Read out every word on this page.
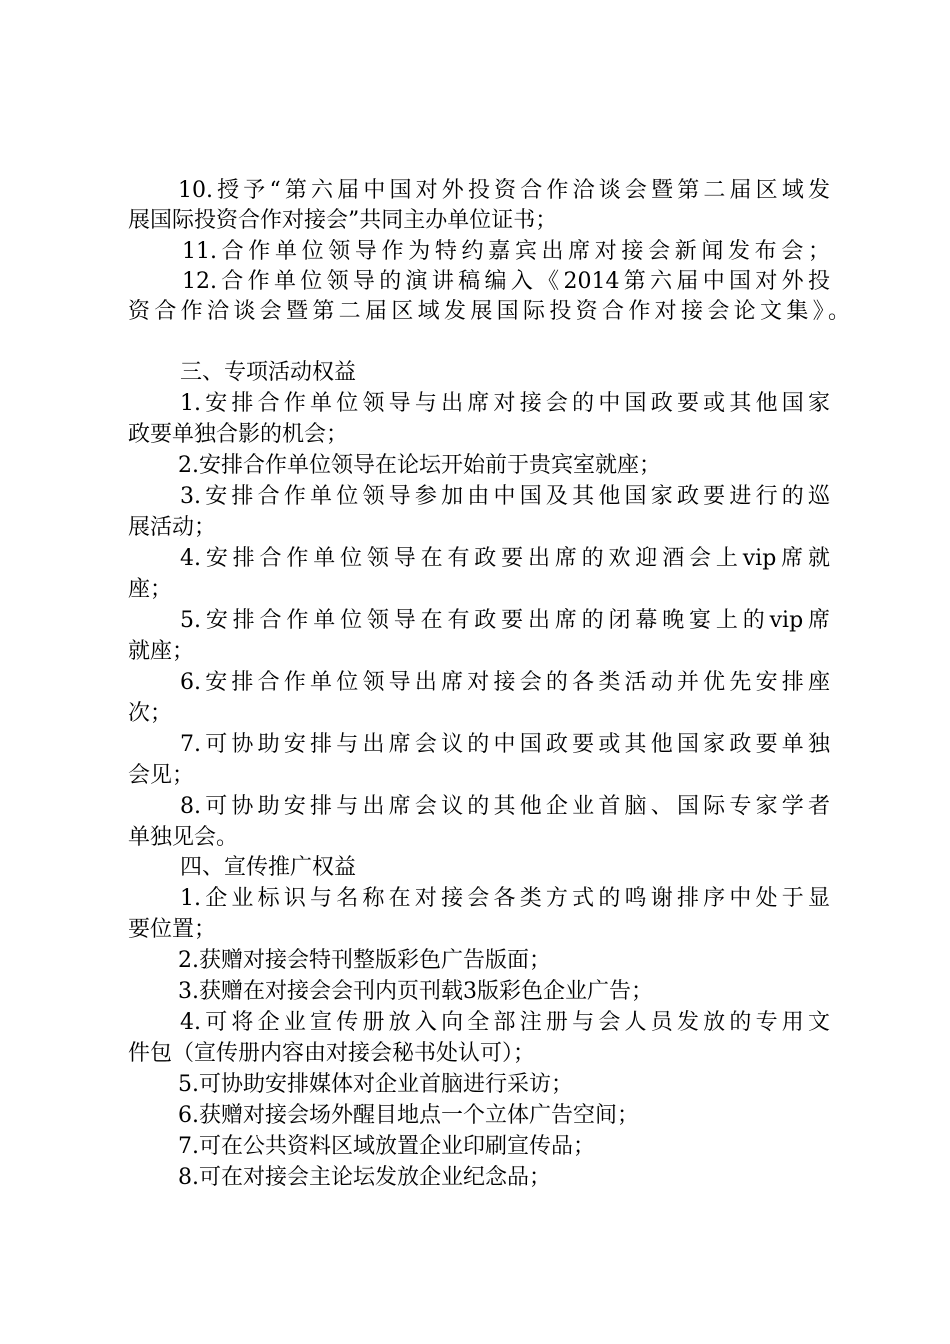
10.授予“第六届中国对外投资合作洽谈会暨第二届区域发
展国际投资合作对接会”共同主办单位证书；
11.合作单位领导作为特约嘉宾出席对接会新闻发布会；
12.合作单位领导的演讲稿编入《2014第六届中国对外投
资合作洽谈会暨第二届区域发展国际投资合作对接会论文集》。
三、专项活动权益
1.安排合作单位领导与出席对接会的中国政要或其他国家
政要单独合影的机会；
2.安排合作单位领导在论坛开始前于贵宾室就座；
3.安排合作单位领导参加由中国及其他国家政要进行的巡
展活动；
4.安排合作单位领导在有政要出席的欢迎酒会上vip席就
座；
5.安排合作单位领导在有政要出席的闭幕晚宴上的vip席
就座；
6.安排合作单位领导出席对接会的各类活动并优先安排座
次；
7.可协助安排与出席会议的中国政要或其他国家政要单独
会见；
8.可协助安排与出席会议的其他企业首脑、国际专家学者
单独见会。
四、宣传推广权益
1.企业标识与名称在对接会各类方式的鸣谢排序中处于显
要位置；
2.获赠对接会特刊整版彩色广告版面；
3.获赠在对接会会刊内页刊载3版彩色企业广告；
4.可将企业宣传册放入向全部注册与会人员发放的专用文
件包（宣传册内容由对接会秘书处认可）；
5.可协助安排媒体对企业首脑进行采访；
6.获赠对接会场外醒目地点一个立体广告空间；
7.可在公共资料区域放置企业印刷宣传品；
8.可在对接会主论坛发放企业纪念品；
